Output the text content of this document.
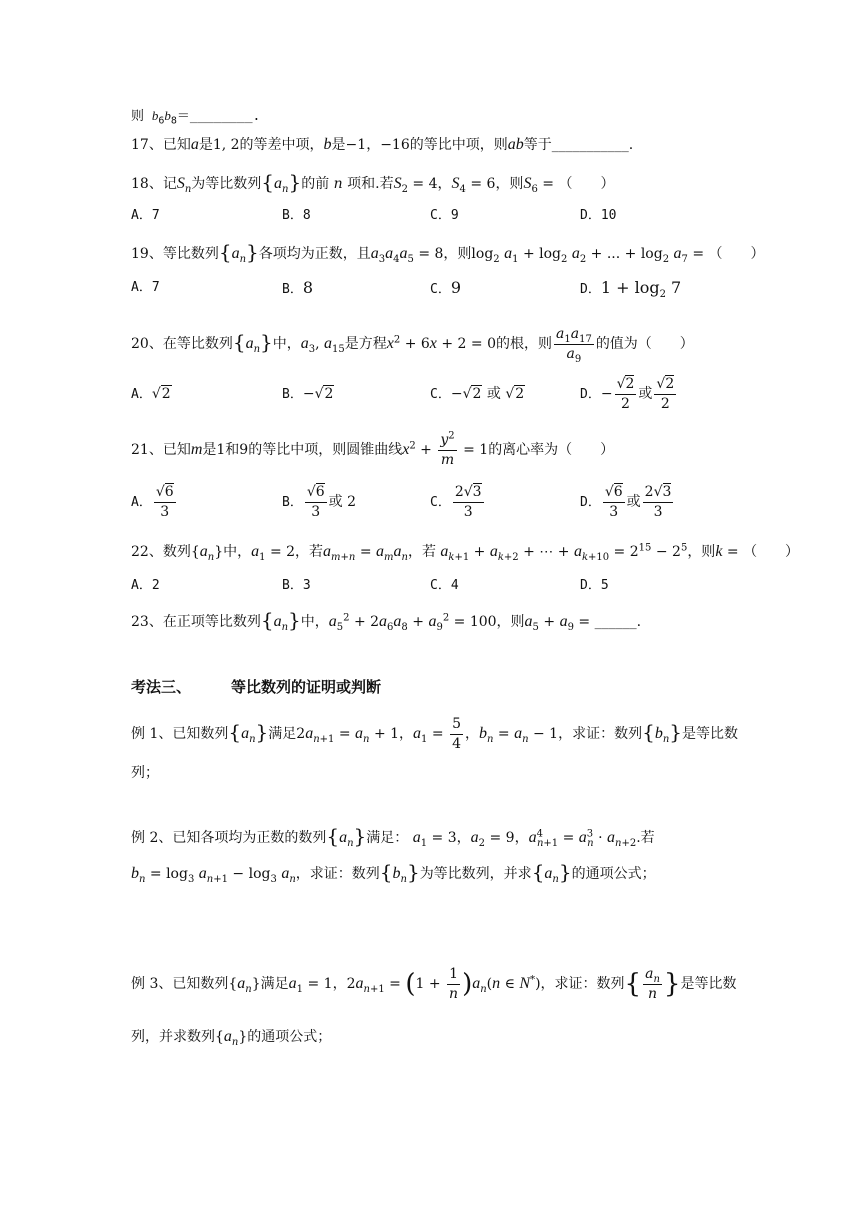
则 $b_6b_8=\_\_\_\_\_\_\_\_$.
17、已知a是1, 2的等差中项，b是−1，−16的等比中项，则ab等于___________.
18、记$S_n$为等比数列$\{a_n\}$的前 n 项和.若$S_2 = 4$，$S_4 = 6$，则$S_6$ = （　　）
A．7	B．8	C．9	D．10
19、等比数列$\{a_n\}$各项均为正数，且$a_3a_4a_5 = 8$，则$\log_2 a_1 + \log_2 a_2$ + ... + $\log_2 a_7$ = （　　）
A．7	B．8	C．9	D．$1 + \log_2 7$
20、在等比数列$\{a_n\}$中，$a_3$, $a_{15}$是方程$x^2 + 6x + 2 = 0$的根，则 $\frac{a_1a_{17}}{a_9}$ 的值为（　　）
A．√2	B．−√2	C．−√2 或 √2	D．− $\frac{√2}{2}$ 或 $\frac{√2}{2}$
21、已知m是1和9的等比中项，则圆锥曲线$x^2 + \frac{y^2}{m} = 1$的离心率为（　　）
A． $\frac{√6}{3}$	B． $\frac{√6}{3}$ 或 2	C． $\frac{2√3}{3}$	D． $\frac{√6}{3}$ 或 $\frac{2√3}{3}$
22、数列$\{a_n\}$中，$a_1 = 2$，若$a_{m+n} = a_ma_n$，若 $a_{k+1} + a_{k+2}$ + ⋯ + $a_{k+10} = 2^{15} - 2^5$，则k = （　　）
A．2	B．3	C．4	D．5
23、在正项等比数列$\{a_n\}$中，$a_5^2 + 2a_6a_8 + a_9^2 = 100$，则$a_5 + a_9$ = ______.
考法三、	等比数列的证明或判断
例 1、已知数列$\{a_n\}$满足$2a_{n+1} = a_n + 1$，$a_1 = \frac{5}{4}$ ，$b_n = a_n - 1$，求证：数列$\{b_n\}$是等比数
列；
例 2、已知各项均为正数的数列$\{a_n\}$满足： $a_1 = 3$，$a_2 = 9$，$a^4_{n+1} = a^3_n \cdot a_{n+2}$.若
$b_n = \log_3 a_{n+1} - \log_3 a_n$，求证：数列$\{b_n\}$为等比数列，并求$\{a_n\}$的通项公式；
例 3、已知数列$\{a_n\}$满足$a_1 = 1$，$2a_{n+1} = (1 + \frac{1}{n} )a_n(n$ ∈ N*)，求证：数列{ $\frac{a_n}{n}$ }是等比数
列，并求数列$\{a_n\}$的通项公式；
